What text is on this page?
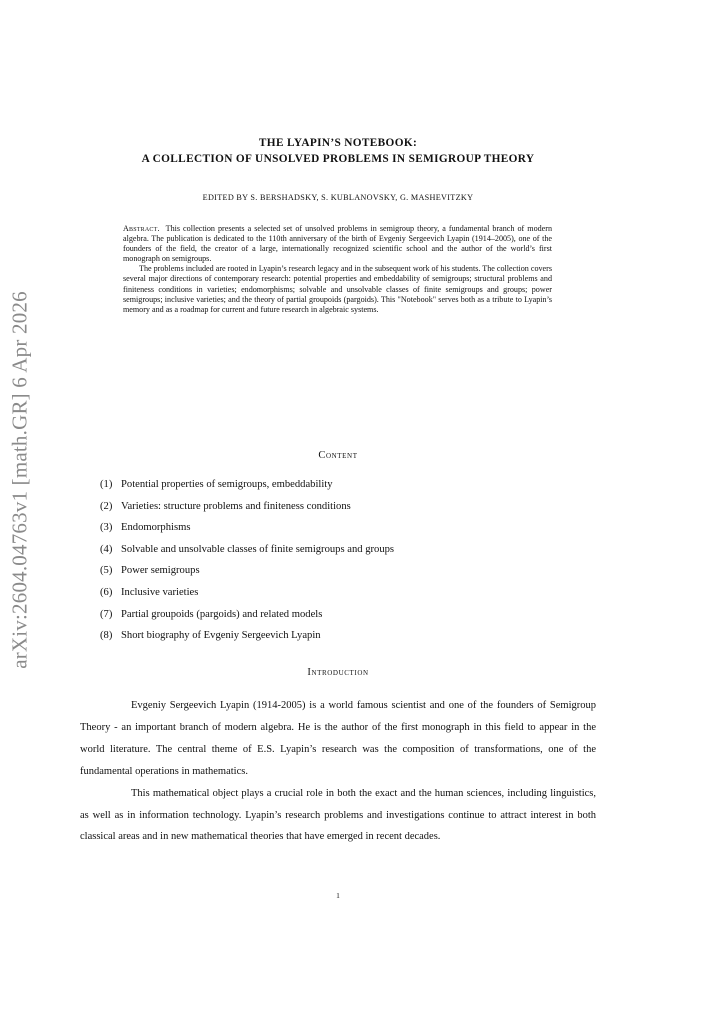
arXiv:2604.04763v1 [math.GR] 6 Apr 2026
THE LYAPIN’S NOTEBOOK:
A COLLECTION OF UNSOLVED PROBLEMS IN SEMIGROUP THEORY
EDITED BY S. BERSHADSKY, S. KUBLANOVSKY, G. MASHEVITZKY

Abstract. This collection presents a selected set of unsolved problems in semigroup theory, a fundamental branch of modern algebra. The publication is dedicated to the 110th anniversary of the birth of Evgeniy Sergeevich Lyapin (1914–2005), one of the founders of the field, the creator of a large, internationally recognized scientific school and the author of the world’s first monograph on semigroups.

The problems included are rooted in Lyapin’s research legacy and in the subsequent work of his students. The collection covers several major directions of contemporary research: potential properties and embeddability of semigroups; structural problems and finiteness conditions in varieties; endomorphisms; solvable and unsolvable classes of finite semigroups and groups; power semigroups; inclusive varieties; and the theory of partial groupoids (pargoids). This "Notebook" serves both as a tribute to Lyapin’s memory and as a roadmap for current and future research in algebraic systems.

Content
(1) Potential properties of semigroups, embeddability
(2) Varieties: structure problems and finiteness conditions
(3) Endomorphisms
(4) Solvable and unsolvable classes of finite semigroups and groups
(5) Power semigroups
(6) Inclusive varieties
(7) Partial groupoids (pargoids) and related models
(8) Short biography of Evgeniy Sergeevich Lyapin
Introduction

Evgeniy Sergeevich Lyapin (1914-2005) is a world famous scientist and one of the founders of Semigroup Theory - an important branch of modern algebra. He is the author of the first monograph in this field to appear in the world literature. The central theme of E.S. Lyapin’s research was the composition of transformations, one of the fundamental operations in mathematics.

This mathematical object plays a crucial role in both the exact and the human sciences, including linguistics, as well as in information technology. Lyapin’s research problems and investigations continue to attract interest in both classical areas and in new mathematical theories that have emerged in recent decades.

1
